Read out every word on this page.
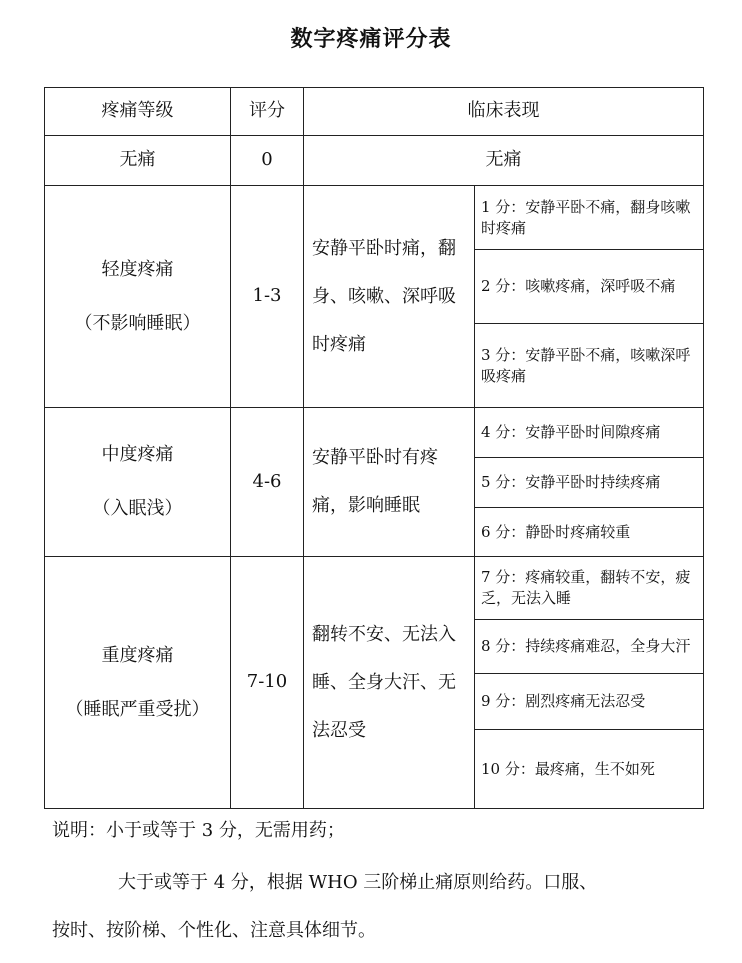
数字疼痛评分表
疼痛等级	评分	临床表现	
无痛	0	无痛	

轻度疼痛
（不影响睡眠）	1-3	安静平卧时痛，翻身、咳嗽、深呼吸时疼痛	1 分：安静平卧不痛，翻身咳嗽时疼痛
			2 分：咳嗽疼痛，深呼吸不痛
			3 分：安静平卧不痛，咳嗽深呼吸疼痛

中度疼痛
（入眠浅）	4-6	安静平卧时有疼痛，影响睡眠	4 分：安静平卧时间隙疼痛
			5 分：安静平卧时持续疼痛
			6 分：静卧时疼痛较重

重度疼痛
（睡眠严重受扰）	7-10	翻转不安、无法入睡、全身大汗、无法忍受	7 分：疼痛较重，翻转不安，疲乏，无法入睡
			8 分：持续疼痛难忍，全身大汗
			9 分：剧烈疼痛无法忍受
			10 分：最疼痛，生不如死
说明：小于或等于 3 分，无需用药；
大于或等于 4 分，根据 WHO 三阶梯止痛原则给药。口服、
按时、按阶梯、个性化、注意具体细节。
